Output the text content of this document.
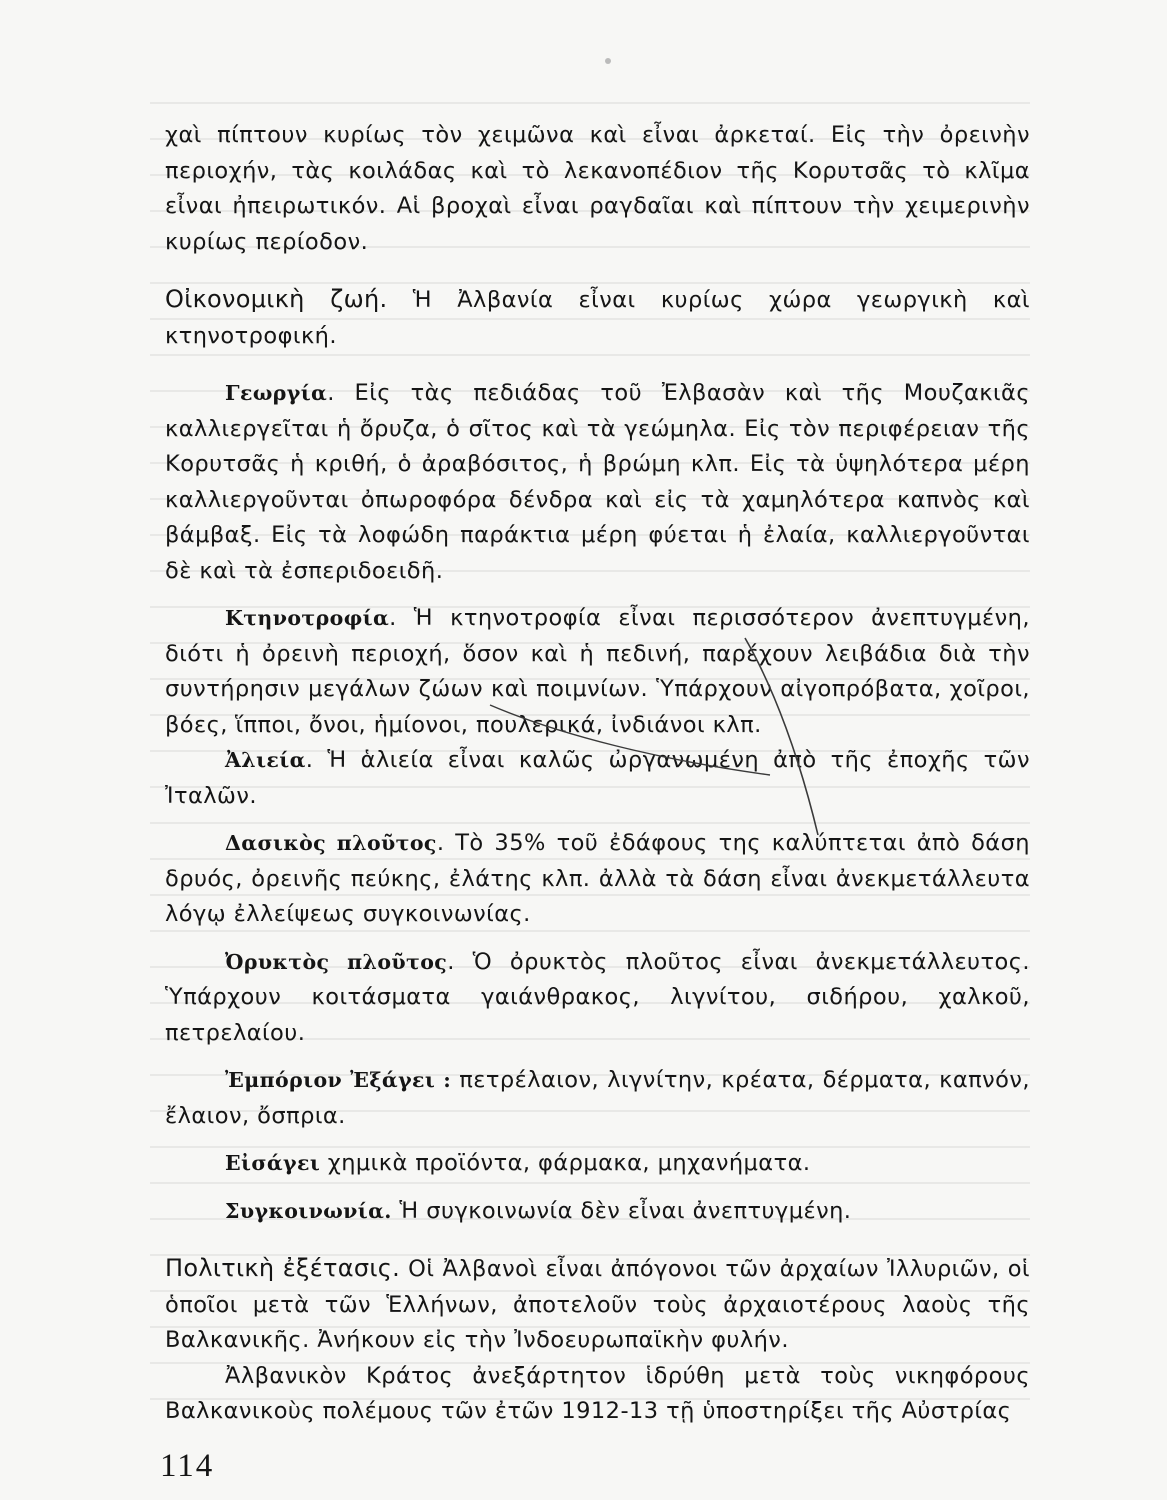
χαὶ πίπτουν κυρίως τὸν χειμῶνα καὶ εἶναι ἀρκεταί. Εἰς τὴν ὀρεινὴν περιοχήν, τὰς κοιλάδας καὶ τὸ λεκανοπέδιον τῆς Κορυτσᾶς τὸ κλῖμα εἶναι ἠπειρωτικόν. Αἱ βροχαὶ εἶναι ραγδαῖαι καὶ πίπτουν τὴν χειμερινὴν κυρίως περίοδον.

Οἰκονομικὴ ζωή. Ἡ Ἀλβανία εἶναι κυρίως χώρα γεωργικὴ καὶ κτηνοτροφική.

Γεωργία. Εἰς τὰς πεδιάδας τοῦ Ἐλβασὰν καὶ τῆς Μουζακιᾶς καλλιεργεῖται ἡ ὄρυζα, ὁ σῖτος καὶ τὰ γεώμηλα. Εἰς τὸν περιφέρειαν τῆς Κορυτσᾶς ἡ κριθή, ὁ ἀραβόσιτος, ἡ βρώμη κλπ. Εἰς τὰ ὑψηλότερα μέρη καλλιεργοῦνται ὀπωροφόρα δένδρα καὶ εἰς τὰ χαμηλότερα καπνὸς καὶ βάμβαξ. Εἰς τὰ λοφώδη παράκτια μέρη φύεται ἡ ἐλαία, καλλιεργοῦνται δὲ καὶ τὰ ἐσπεριδοειδῆ.

Κτηνοτροφία. Ἡ κτηνοτροφία εἶναι περισσότερον ἀνεπτυγμένη, διότι ἡ ὀρεινὴ περιοχή, ὅσον καὶ ἡ πεδινή, παρέχουν λειβάδια διὰ τὴν συντήρησιν μεγάλων ζώων καὶ ποιμνίων. Ὑπάρχουν αἰγοπρόβατα, χοῖροι, βόες, ἵπποι, ὄνοι, ἡμίονοι, πουλερικά, ἰνδιάνοι κλπ.

Ἀλιεία. Ἡ ἁλιεία εἶναι καλῶς ὠργανωμένη ἀπὸ τῆς ἐποχῆς τῶν Ἰταλῶν.

Δασικὸς πλοῦτος. Τὸ 35% τοῦ ἐδάφους της καλύπτεται ἀπὸ δάση δρυός, ὀρεινῆς πεύκης, ἐλάτης κλπ. ἀλλὰ τὰ δάση εἶναι ἀνεκμετάλλευτα λόγῳ ἐλλείψεως συγκοινωνίας.

Ὀρυκτὸς πλοῦτος. Ὁ ὀρυκτὸς πλοῦτος εἶναι ἀνεκμετάλλευτος. Ὑπάρχουν κοιτάσματα γαιάνθρακος, λιγνίτου, σιδήρου, χαλκοῦ, πετρελαίου.

Ἐμπόριον Ἐξάγει : πετρέλαιον, λιγνίτην, κρέατα, δέρματα, καπνόν, ἔλαιον, ὄσπρια.

Εἰσάγει χημικὰ προϊόντα, φάρμακα, μηχανήματα.

Συγκοινωνία. Ἡ συγκοινωνία δὲν εἶναι ἀνεπτυγμένη.

Πολιτικὴ ἐξέτασις. Οἱ Ἀλβανοὶ εἶναι ἀπόγονοι τῶν ἀρχαίων Ἰλλυριῶν, οἱ ὁποῖοι μετὰ τῶν Ἑλλήνων, ἀποτελοῦν τοὺς ἀρχαιοτέρους λαοὺς τῆς Βαλκανικῆς. Ἀνήκουν εἰς τὴν Ἰνδοευρωπαϊκὴν φυλήν.

Ἀλβανικὸν Κράτος ἀνεξάρτητον ἱδρύθη μετὰ τοὺς νικηφόρους Βαλκανικοὺς πολέμους τῶν ἐτῶν 1912-13 τῇ ὑποστηρίξει τῆς Αὐστρίας

114
